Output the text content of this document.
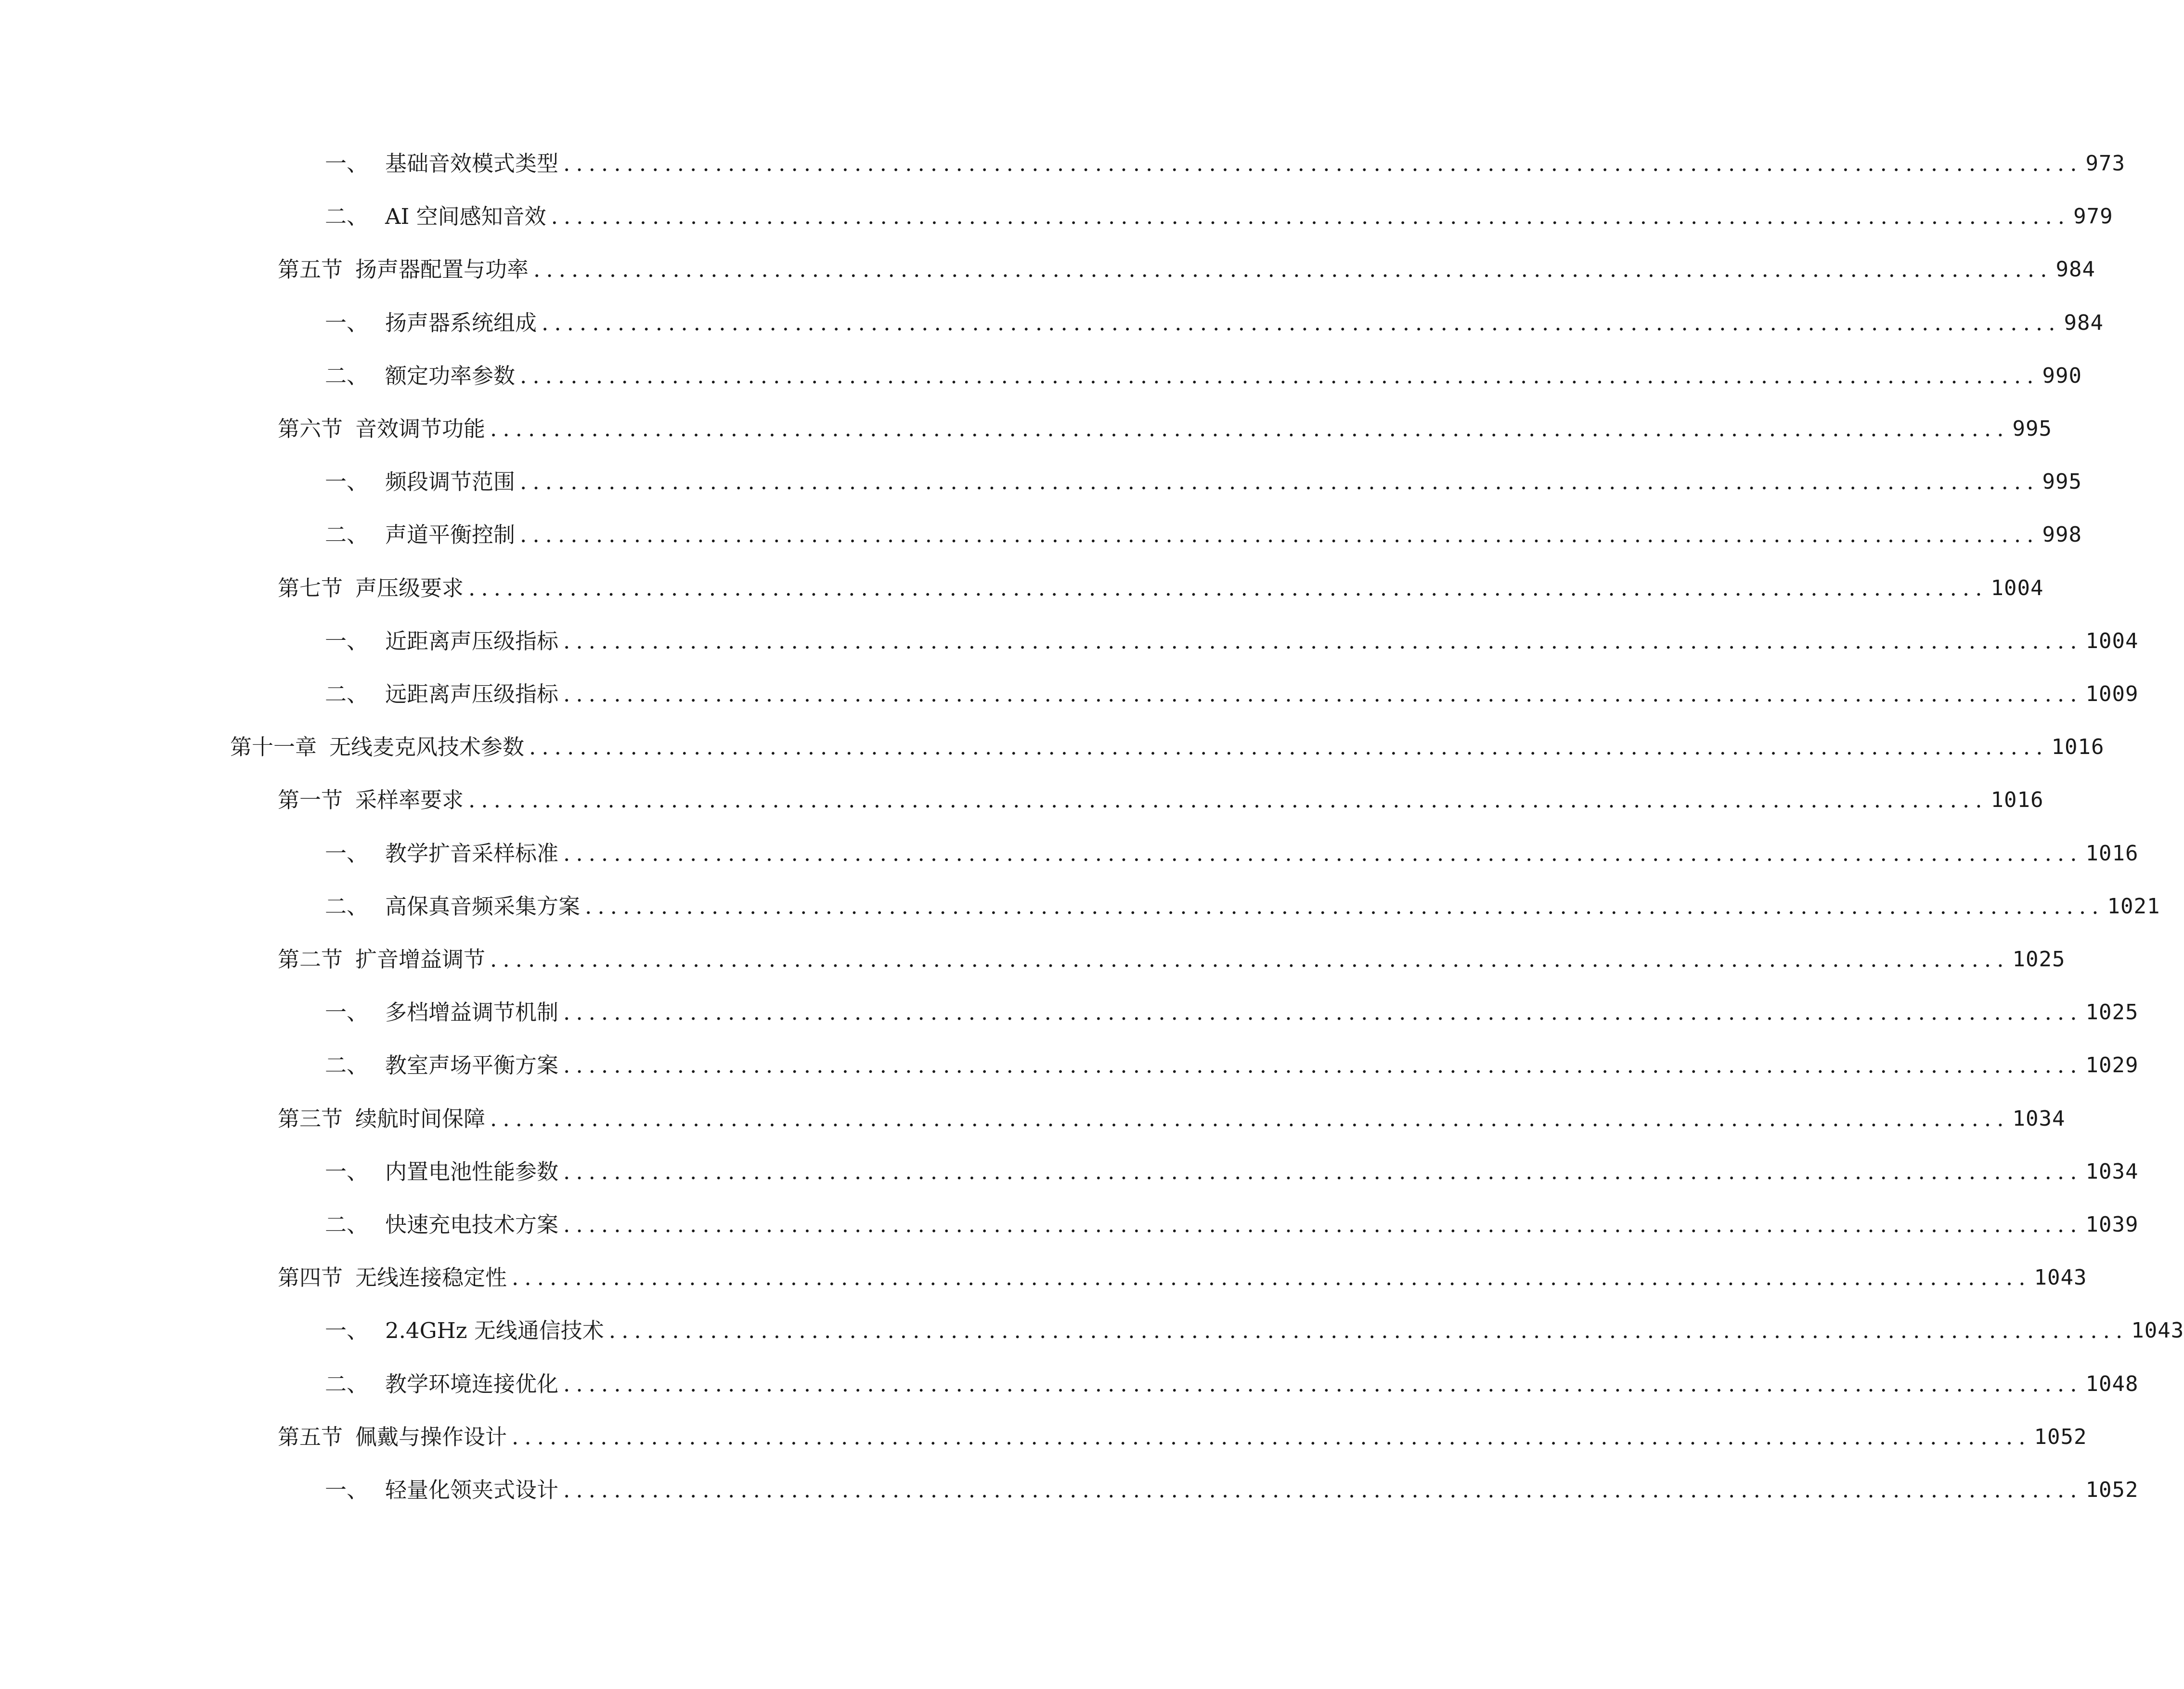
一、 基础音效模式类型 ........................................................................................................................ 973
二、 AI 空间感知音效 ........................................................................................................................ 979
第五节 扬声器配置与功率 ........................................................................................................................ 984
一、 扬声器系统组成 ........................................................................................................................ 984
二、 额定功率参数 ........................................................................................................................ 990
第六节 音效调节功能 ........................................................................................................................ 995
一、 频段调节范围 ........................................................................................................................ 995
二、 声道平衡控制 ........................................................................................................................ 998
第七节 声压级要求 ........................................................................................................................ 1004
一、 近距离声压级指标 ........................................................................................................................ 1004
二、 远距离声压级指标 ........................................................................................................................ 1009
第十一章 无线麦克风技术参数 ........................................................................................................................ 1016
第一节 采样率要求 ........................................................................................................................ 1016
一、 教学扩音采样标准 ........................................................................................................................ 1016
二、 高保真音频采集方案 ........................................................................................................................ 1021
第二节 扩音增益调节 ........................................................................................................................ 1025
一、 多档增益调节机制 ........................................................................................................................ 1025
二、 教室声场平衡方案 ........................................................................................................................ 1029
第三节 续航时间保障 ........................................................................................................................ 1034
一、 内置电池性能参数 ........................................................................................................................ 1034
二、 快速充电技术方案 ........................................................................................................................ 1039
第四节 无线连接稳定性 ........................................................................................................................ 1043
一、 2.4GHz 无线通信技术 ........................................................................................................................ 1043
二、 教学环境连接优化 ........................................................................................................................ 1048
第五节 佩戴与操作设计 ........................................................................................................................ 1052
一、 轻量化领夹式设计 ........................................................................................................................ 1052
